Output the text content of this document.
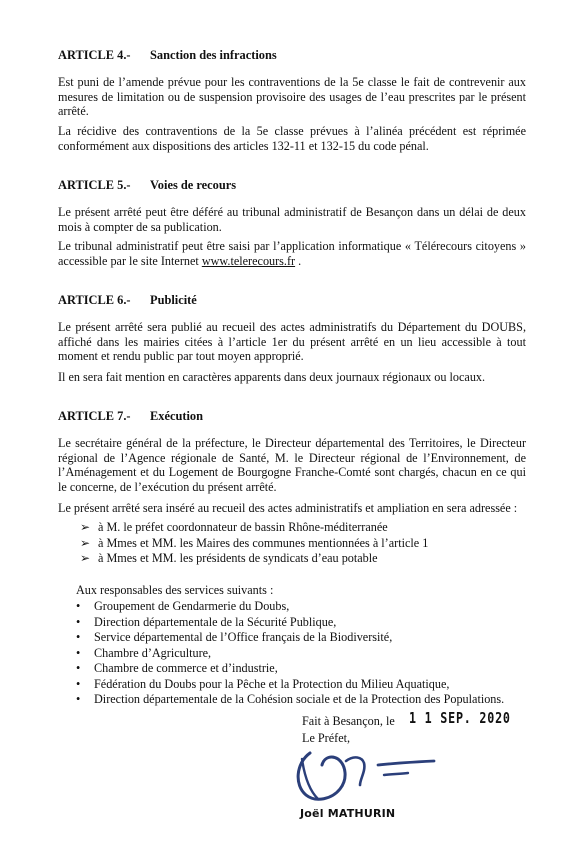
ARTICLE 4.- Sanction des infractions
Est puni de l’amende prévue pour les contraventions de la 5e classe le fait de contrevenir aux mesures de limitation ou de suspension provisoire des usages de l’eau prescrites par le présent arrêté.
La récidive des contraventions de la 5e classe prévues à l’alinéa précédent est réprimée conformément aux dispositions des articles 132-11 et 132-15 du code pénal.
ARTICLE 5.- Voies de recours
Le présent arrêté peut être déféré au tribunal administratif de Besançon dans un délai de deux mois à compter de sa publication.
Le tribunal administratif peut être saisi par l’application informatique « Télérecours citoyens » accessible par le site Internet www.telerecours.fr .
ARTICLE 6.- Publicité
Le présent arrêté sera publié au recueil des actes administratifs du Département du DOUBS, affiché dans les mairies citées à l’article 1er du présent arrêté en un lieu accessible à tout moment et rendu public par tout moyen approprié.
Il en sera fait mention en caractères apparents dans deux journaux régionaux ou locaux.
ARTICLE 7.- Exécution
Le secrétaire général de la préfecture, le Directeur départemental des Territoires, le Directeur régional de l’Agence régionale de Santé, M. le Directeur régional de l’Environnement, de l’Aménagement et du Logement de Bourgogne Franche-Comté sont chargés, chacun en ce qui le concerne, de l’exécution du présent arrêté.
Le présent arrêté sera inséré au recueil des actes administratifs et ampliation en sera adressée :
➢ à M. le préfet coordonnateur de bassin Rhône-méditerranée
➢ à Mmes et MM. les Maires des communes mentionnées à l’article 1
➢ à Mmes et MM. les présidents de syndicats d’eau potable
Aux responsables des services suivants :
• Groupement de Gendarmerie du Doubs,
• Direction départementale de la Sécurité Publique,
• Service départemental de l’Office français de la Biodiversité,
• Chambre d’Agriculture,
• Chambre de commerce et d’industrie,
• Fédération du Doubs pour la Pêche et la Protection du Milieu Aquatique,
• Direction départementale de la Cohésion sociale et de la Protection des Populations.
Fait à Besançon, le 1 1 SEP. 2020
Le Préfet,
Joël MATHURIN
